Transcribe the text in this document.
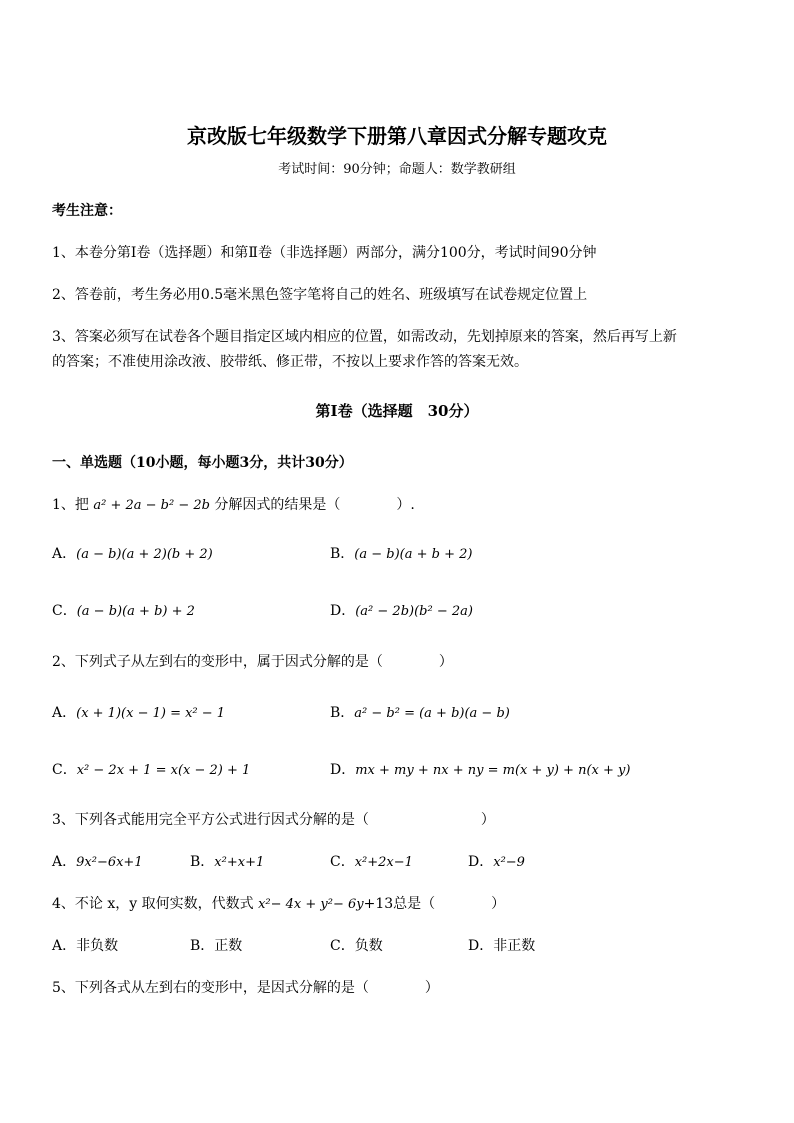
京改版七年级数学下册第八章因式分解专题攻克
考试时间：90分钟；命题人：数学教研组
考生注意：
1、本卷分第Ⅰ卷（选择题）和第Ⅱ卷（非选择题）两部分，满分100分，考试时间90分钟
2、答卷前，考生务必用0.5毫米黑色签字笔将自己的姓名、班级填写在试卷规定位置上
3、答案必须写在试卷各个题目指定区域内相应的位置，如需改动，先划掉原来的答案，然后再写上新
的答案；不准使用涂改液、胶带纸、修正带，不按以上要求作答的答案无效。
第Ⅰ卷（选择题　30分）
一、单选题（10小题，每小题3分，共计30分）
1、把 a² + 2a − b² − 2b 分解因式的结果是（　　　　）.
A．(a − b)(a + 2)(b + 2)	B．(a − b)(a + b + 2)
C．(a − b)(a + b) + 2	D．(a² − 2b)(b² − 2a)
2、下列式子从左到右的变形中，属于因式分解的是（　　　　）
A．(x + 1)(x − 1) = x² − 1	B．a² − b² = (a + b)(a − b)
C．x² − 2x + 1 = x(x − 2) + 1	D．mx + my + nx + ny = m(x + y) + n(x + y)
3、下列各式能用完全平方公式进行因式分解的是（　　　　　　　　）
A．9x²−6x+1	B．x²+x+1	C．x²+2x−1	D．x²−9
4、不论 x，y 取何实数，代数式 x²− 4x + y²− 6y+13总是（　　　　）
A．非负数	B．正数	C．负数	D．非正数
5、下列各式从左到右的变形中，是因式分解的是（　　　　）
